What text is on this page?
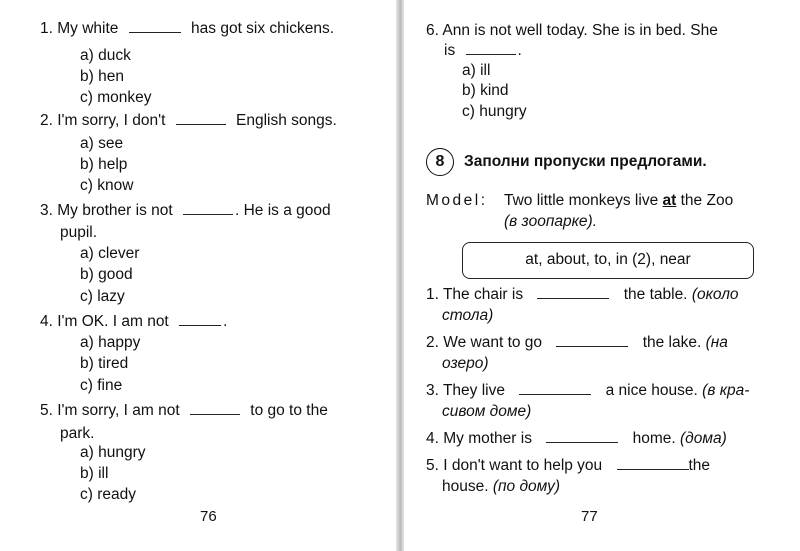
1. My white	has got six chickens.
a) duck
b) hen
c) monkey
2. I'm sorry, I don't	English songs.
a) see
b) help
c) know
3. My brother is not	. He is a good
pupil.
a) clever
b) good
c) lazy
4. I'm OK. I am not	.
a) happy
b) tired
c) fine
5. I'm sorry, I am not	to go to the
park.
a) hungry
b) ill
c) ready
76
6. Ann is not well today. She is in bed. She
is	.
a) ill
b) kind
c) hungry
8	Заполни пропуски предлогами.
Model: Two little monkeys live at the Zoo
(в зоопарке).
at, about, to, in (2), near
1. The chair is	the table. (около
стола)
2. We want to go	the lake. (на
озеро)
3. They live	a nice house. (в кра-
сивом доме)
4. My mother is	home. (дома)
5. I don't want to help you	the
house. (по дому)
77
